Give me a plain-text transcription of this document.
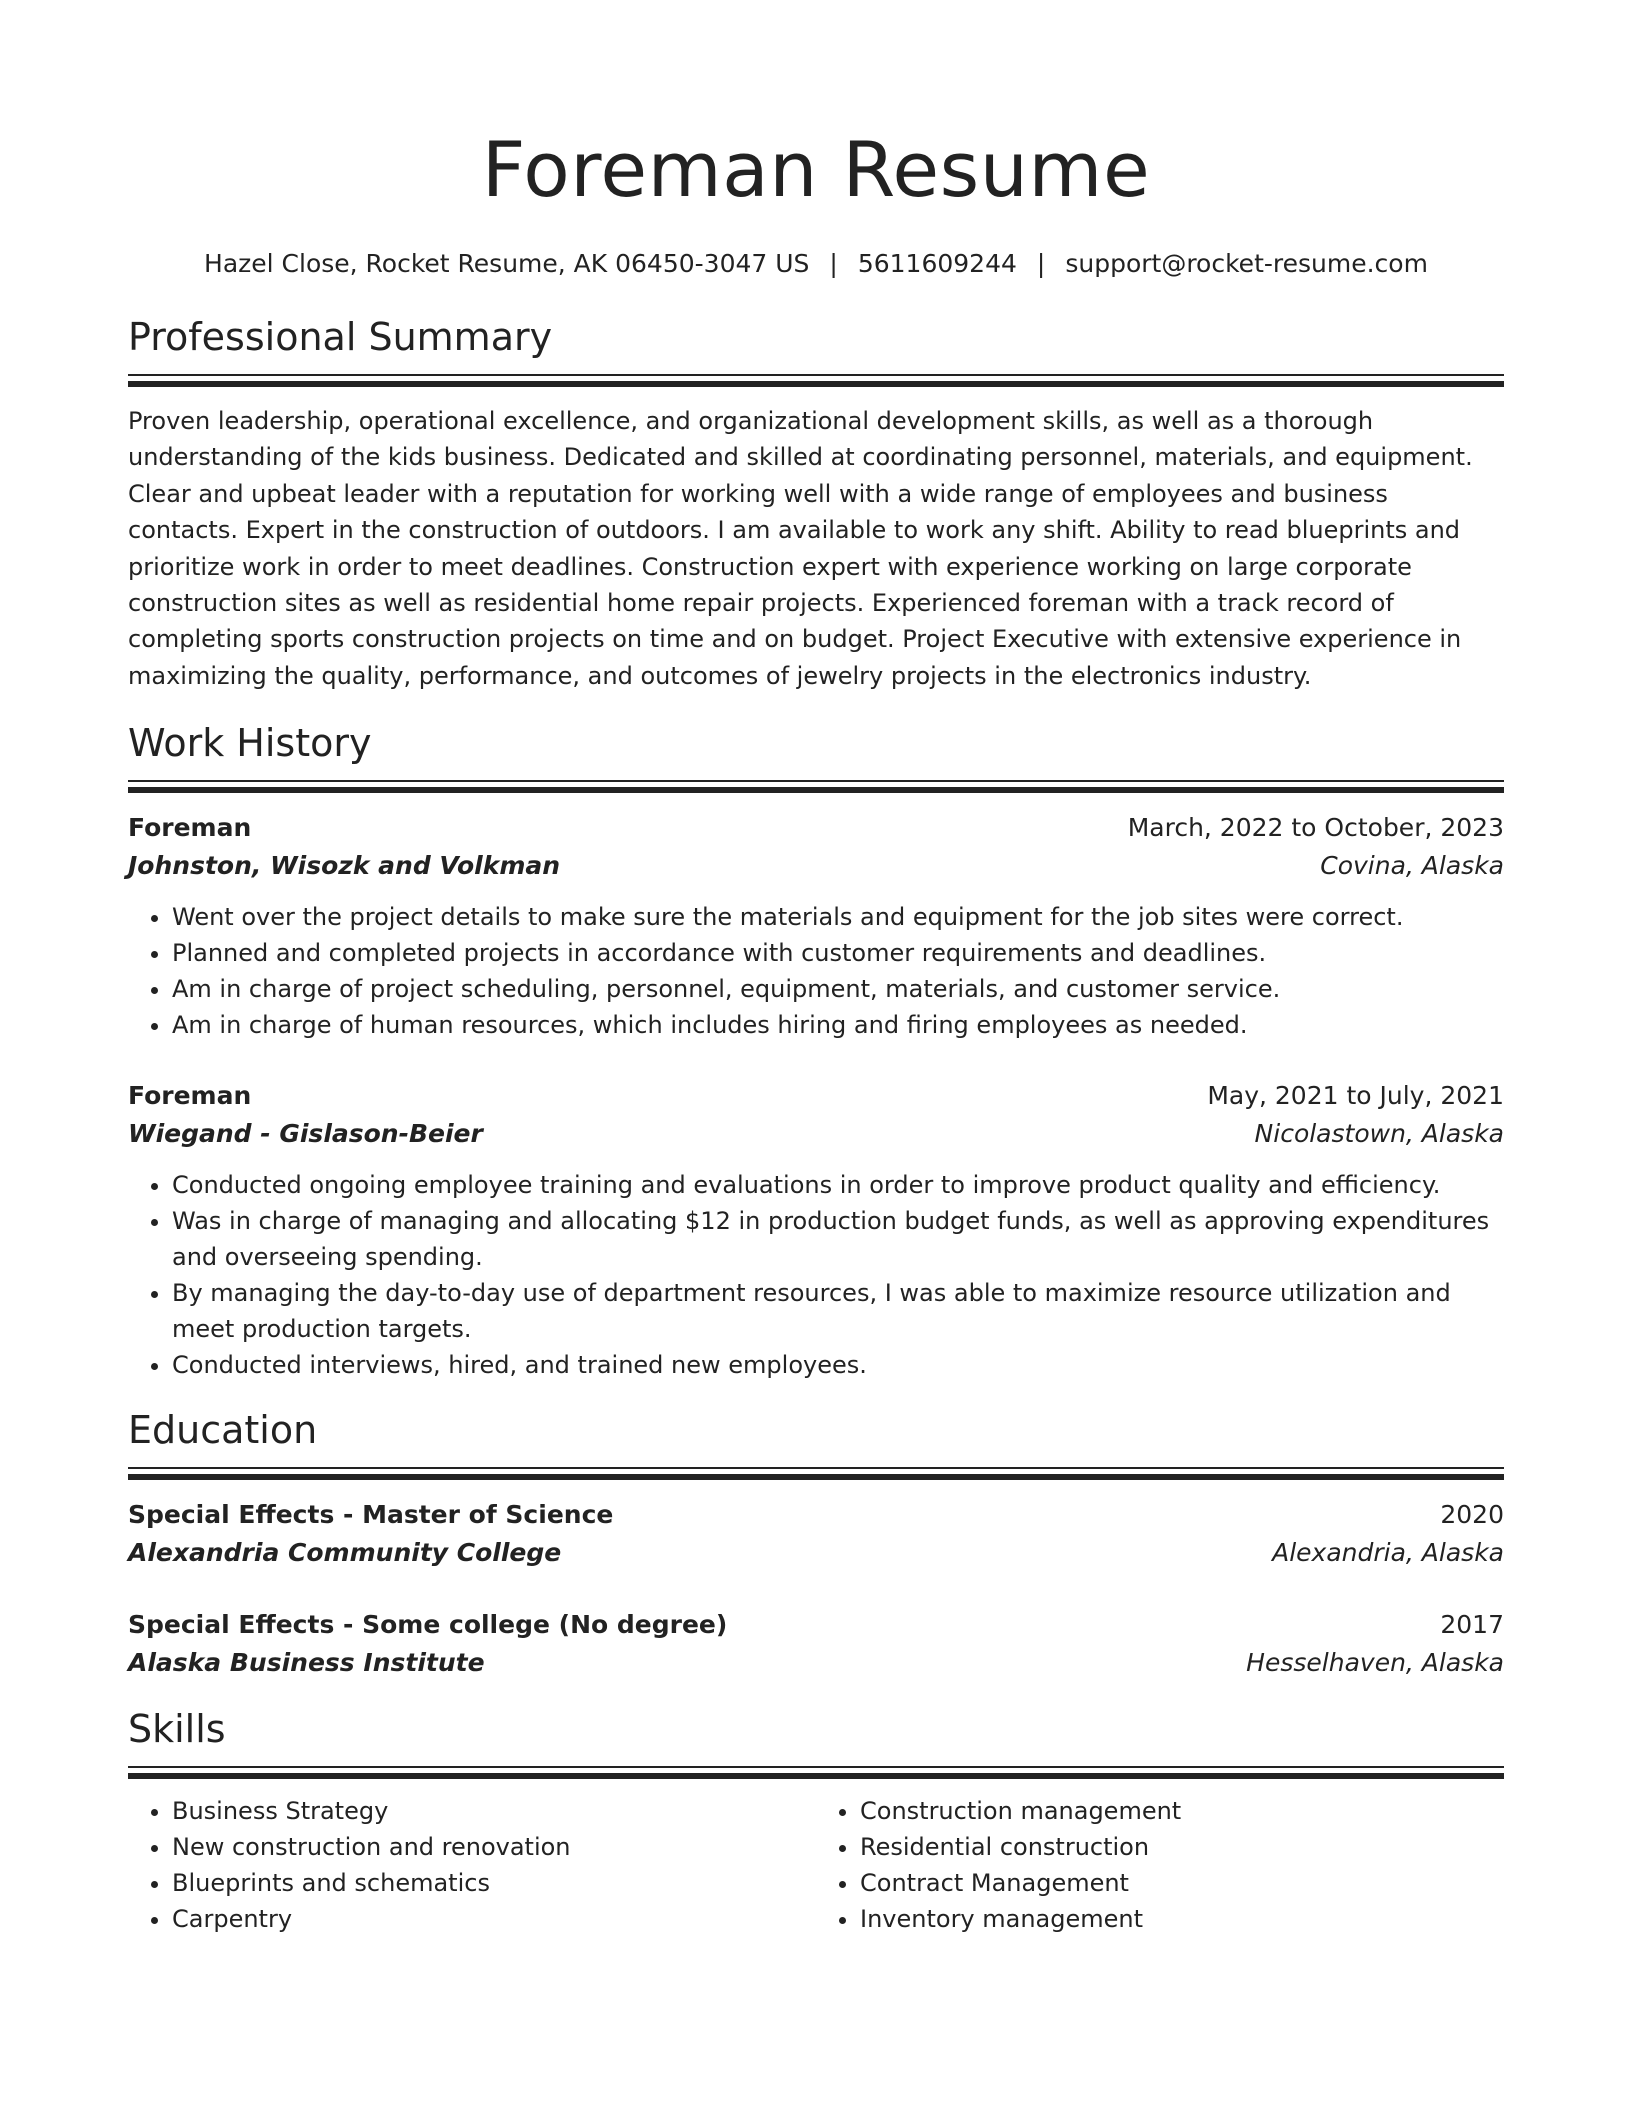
Foreman Resume
Hazel Close, Rocket Resume, AK 06450-3047 US | 5611609244 | support@rocket-resume.com
Professional Summary

Proven leadership, operational excellence, and organizational development skills, as well as a thorough understanding of the kids business. Dedicated and skilled at coordinating personnel, materials, and equipment. Clear and upbeat leader with a reputation for working well with a wide range of employees and business contacts. Expert in the construction of outdoors. I am available to work any shift. Ability to read blueprints and prioritize work in order to meet deadlines. Construction expert with experience working on large corporate construction sites as well as residential home repair projects. Experienced foreman with a track record of completing sports construction projects on time and on budget. Project Executive with extensive experience in maximizing the quality, performance, and outcomes of jewelry projects in the electronics industry.

Work History
Foreman	March, 2022 to October, 2023
Johnston, Wisozk and Volkman	Covina, Alaska
• Went over the project details to make sure the materials and equipment for the job sites were correct.
• Planned and completed projects in accordance with customer requirements and deadlines.
• Am in charge of project scheduling, personnel, equipment, materials, and customer service.
• Am in charge of human resources, which includes hiring and firing employees as needed.
Foreman	May, 2021 to July, 2021
Wiegand - Gislason-Beier	Nicolastown, Alaska
• Conducted ongoing employee training and evaluations in order to improve product quality and efficiency.
• Was in charge of managing and allocating $12 in production budget funds, as well as approving expenditures and overseeing spending.
• By managing the day-to-day use of department resources, I was able to maximize resource utilization and meet production targets.
• Conducted interviews, hired, and trained new employees.
Education
Special Effects - Master of Science	2020
Alexandria Community College	Alexandria, Alaska
Special Effects - Some college (No degree)	2017
Alaska Business Institute	Hesselhaven, Alaska
Skills
• Business Strategy
• New construction and renovation
• Blueprints and schematics
• Carpentry
• Construction management
• Residential construction
• Contract Management
• Inventory management
